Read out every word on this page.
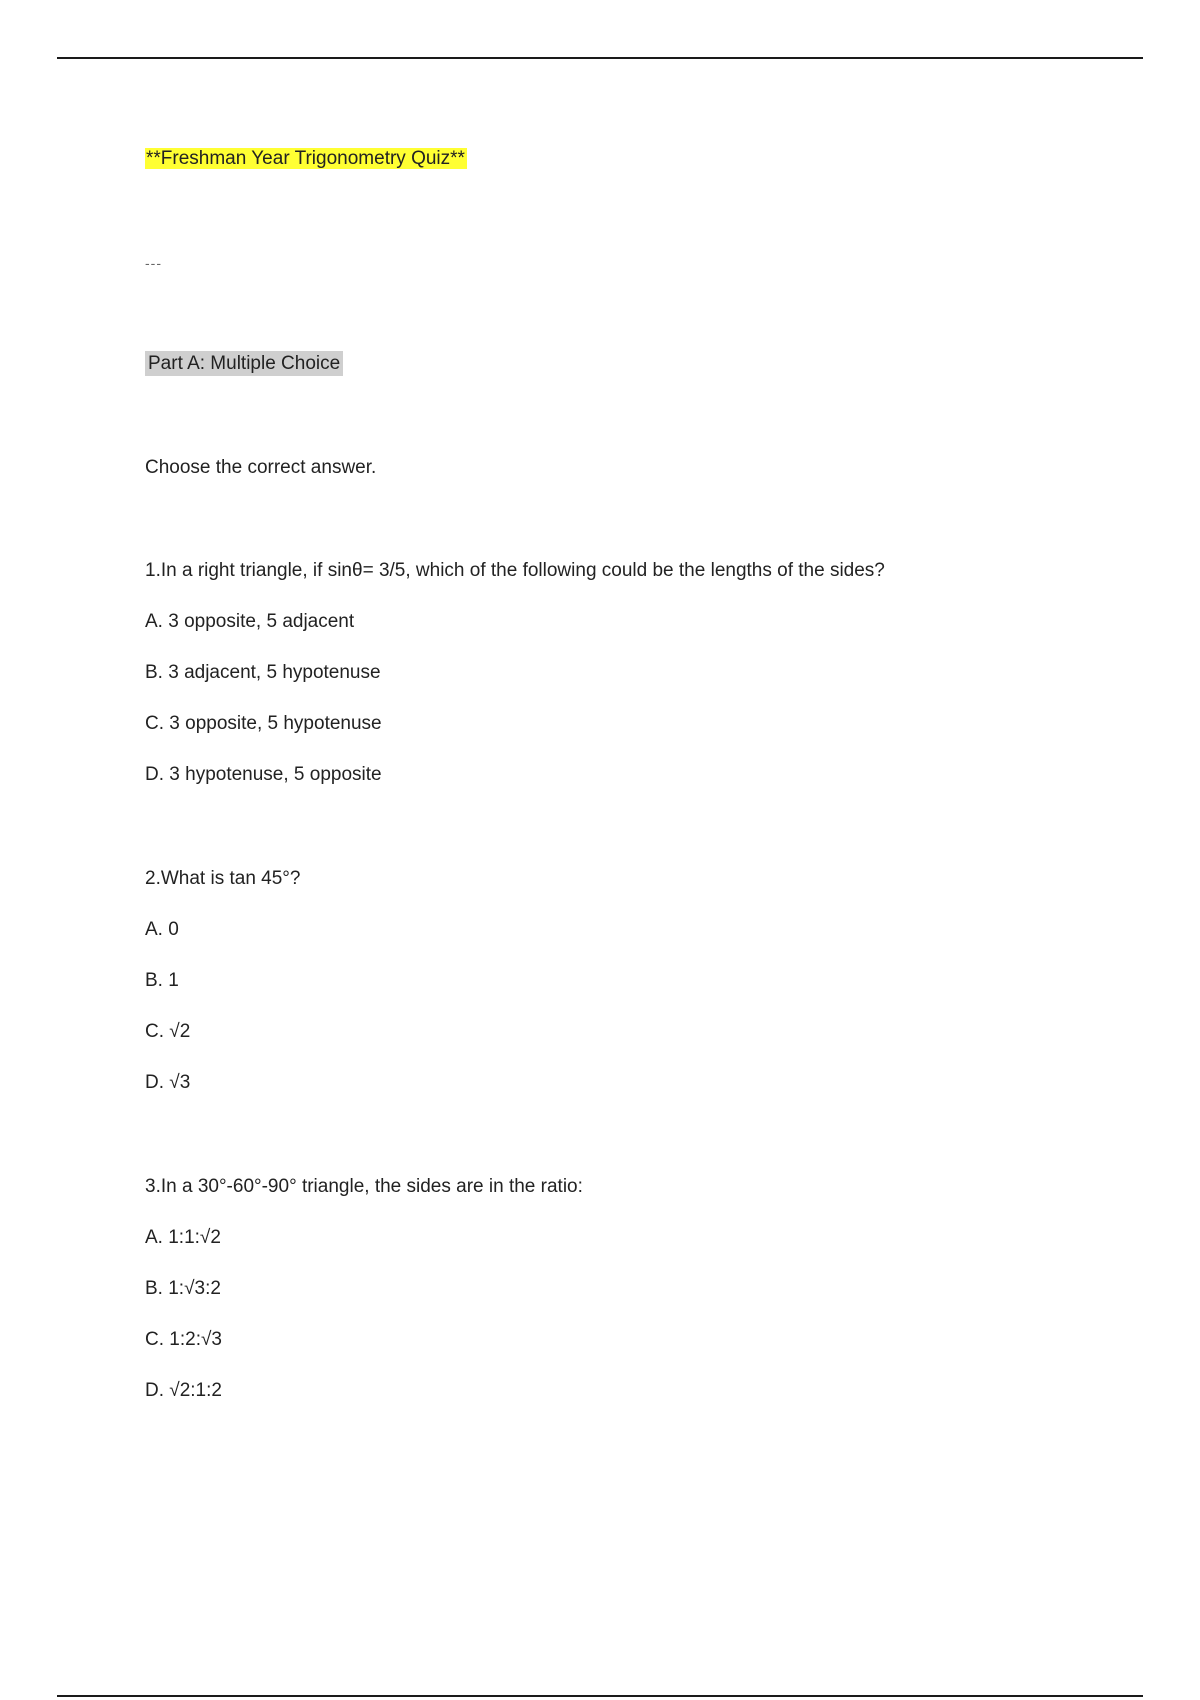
**Freshman Year Trigonometry Quiz**
---
Part A: Multiple Choice
Choose the correct answer.
1.In a right triangle, if sinθ= 3/5, which of the following could be the lengths of the sides?
A. 3 opposite, 5 adjacent
B. 3 adjacent, 5 hypotenuse
C. 3 opposite, 5 hypotenuse
D. 3 hypotenuse, 5 opposite
2.What is tan 45°?
A. 0
B. 1
C. √2
D. √3
3.In a 30°-60°-90° triangle, the sides are in the ratio:
A. 1:1:√2
B. 1:√3:2
C. 1:2:√3
D. √2:1:2
